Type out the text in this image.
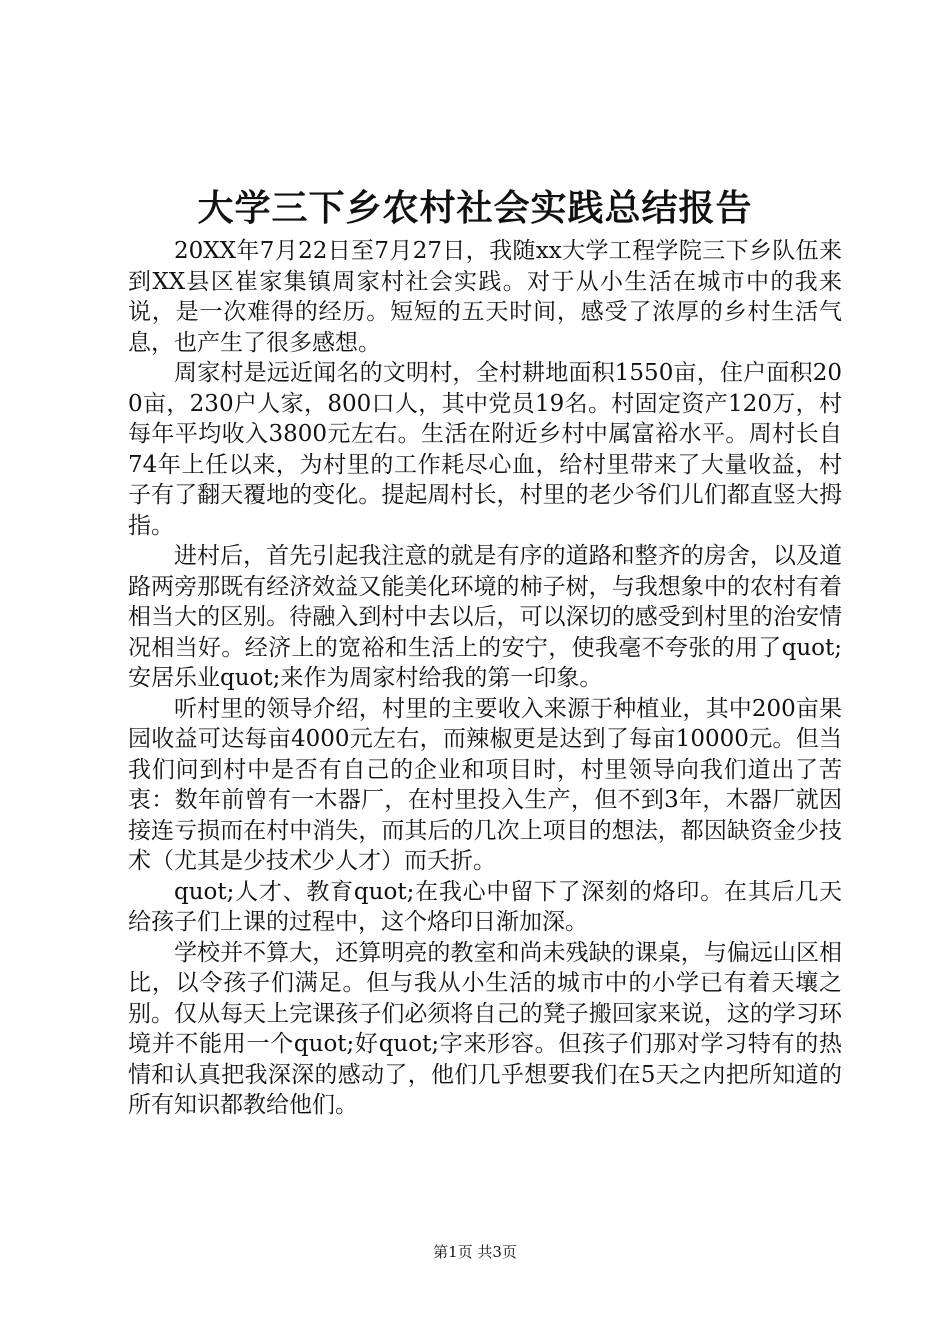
大学三下乡农村社会实践总结报告

20XX年7月22日至7月27日，我随xx大学工程学院三下乡队伍来到XX县区崔家集镇周家村社会实践。对于从小生活在城市中的我来说，是一次难得的经历。短短的五天时间，感受了浓厚的乡村生活气息，也产生了很多感想。

周家村是远近闻名的文明村，全村耕地面积1550亩，住户面积200亩，230户人家，800口人，其中党员19名。村固定资产120万，村每年平均收入3800元左右。生活在附近乡村中属富裕水平。周村长自74年上任以来，为村里的工作耗尽心血，给村里带来了大量收益，村子有了翻天覆地的变化。提起周村长，村里的老少爷们儿们都直竖大拇指。

进村后，首先引起我注意的就是有序的道路和整齐的房舍，以及道路两旁那既有经济效益又能美化环境的柿子树，与我想象中的农村有着相当大的区别。待融入到村中去以后，可以深切的感受到村里的治安情况相当好。经济上的宽裕和生活上的安宁，使我毫不夸张的用了quot;安居乐业quot;来作为周家村给我的第一印象。

听村里的领导介绍，村里的主要收入来源于种植业，其中200亩果园收益可达每亩4000元左右，而辣椒更是达到了每亩10000元。但当我们问到村中是否有自己的企业和项目时，村里领导向我们道出了苦衷：数年前曾有一木器厂，在村里投入生产，但不到3年，木器厂就因接连亏损而在村中消失，而其后的几次上项目的想法，都因缺资金少技术（尤其是少技术少人才）而夭折。

quot;人才、教育quot;在我心中留下了深刻的烙印。在其后几天给孩子们上课的过程中，这个烙印日渐加深。

学校并不算大，还算明亮的教室和尚未残缺的课桌，与偏远山区相比，以令孩子们满足。但与我从小生活的城市中的小学已有着天壤之别。仅从每天上完课孩子们必须将自己的凳子搬回家来说，这的学习环境并不能用一个quot;好quot;字来形容。但孩子们那对学习特有的热情和认真把我深深的感动了，他们几乎想要我们在5天之内把所知道的所有知识都教给他们。

第1页 共3页
